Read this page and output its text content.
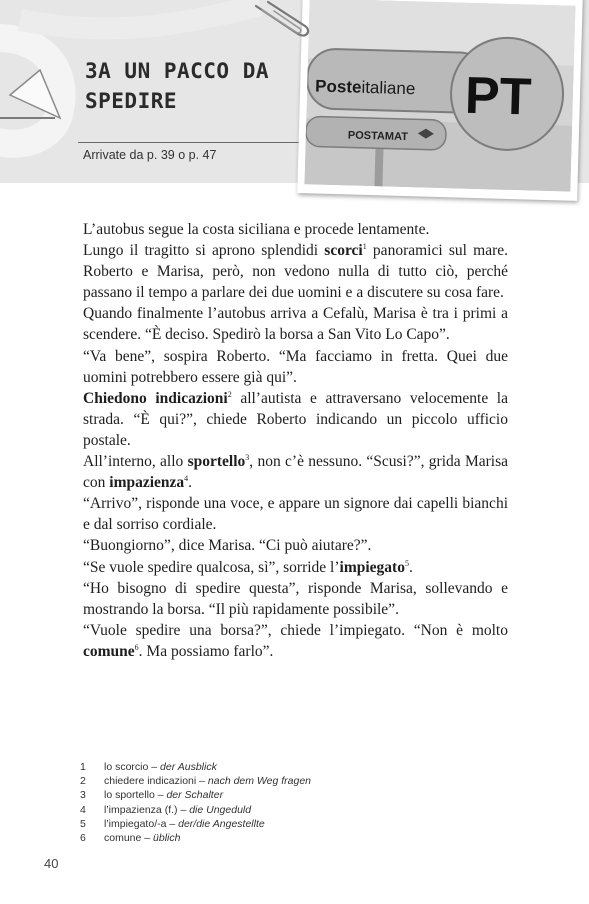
3A UN PACCO DA SPEDIRE
Arrivate da p. 39 o p. 47
Posteitaliane PT
POSTAMAT

L’autobus segue la costa siciliana e procede lentamente.

Lungo il tragitto si aprono splendidi scorci$^1$ panoramici sul mare. Roberto e Marisa, però, non vedono nulla di tutto ciò, perché passano il tempo a parlare dei due uomini e a discutere su cosa fare.

Quando finalmente l’autobus arriva a Cefalù, Marisa è tra i primi a scendere. “È deciso. Spedirò la borsa a San Vito Lo Capo”.

“Va bene”, sospira Roberto. “Ma facciamo in fretta. Quei due uomini potrebbero essere già qui”.

Chiedono indicazioni$^2$ all’autista e attraversano velocemente la strada. “È qui?”, chiede Roberto indicando un piccolo ufficio postale.

All’interno, allo sportello$^3$, non c’è nessuno. “Scusi?”, grida Marisa con impazienza$^4$.

“Arrivo”, risponde una voce, e appare un signore dai capelli bianchi e dal sorriso cordiale.

“Buongiorno”, dice Marisa. “Ci può aiutare?”.

“Se vuole spedire qualcosa, sì”, sorride l’impiegato$^5$.

“Ho bisogno di spedire questa”, risponde Marisa, sollevando e mostrando la borsa. “Il più rapidamente possibile”.

“Vuole spedire una borsa?”, chiede l’impiegato. “Non è molto comune$^6$. Ma possiamo farlo”.

1	lo scorcio – der Ausblick
2	chiedere indicazioni – nach dem Weg fragen
3	lo sportello – der Schalter
4	l’impazienza (f.) – die Ungeduld
5	l’impiegato/-a – der/die Angestellte
6	comune – üblich
40
